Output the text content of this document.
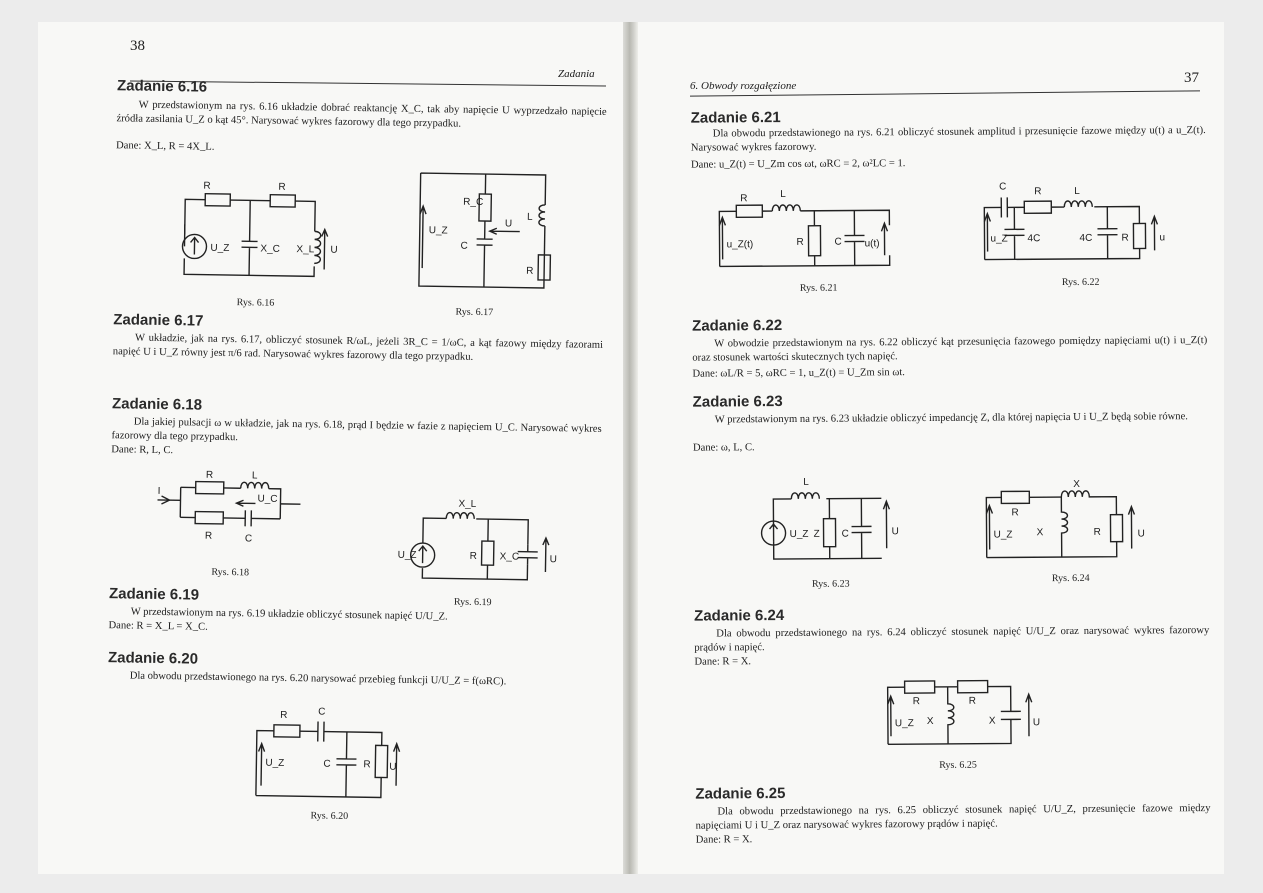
38
Zadania
Zadanie 6.16

W przedstawionym na rys. 6.16 układzie dobrać reaktancję X_C, tak aby napięcie U wyprzedzało napięcie źródła zasilania U_Z o kąt 45°. Narysować wykres fazorowy dla tego przypadku.

Dane: X_L, R = 4X_L.
R	R
U_Z	X_C X_L U
Rys. 6.16
R_C
L
U
U_Z
C
R
Rys. 6.17
Zadanie 6.17

W układzie, jak na rys. 6.17, obliczyć stosunek R/ωL, jeżeli 3R_C = 1/ωC, a kąt fazowy między fazorami napięć U i U_Z równy jest π/6 rad. Narysować wykres fazorowy dla tego przypadku.

Zadanie 6.18

Dla jakiej pulsacji ω w układzie, jak na rys. 6.18, prąd I będzie w fazie z napięciem U_C. Narysować wykres fazorowy dla tego przypadku.

Dane: R, L, C.
R	L
U_C
I
R	C
Rys. 6.18
X_L
U_Z	R X_C	U
Rys. 6.19
Zadanie 6.19

W przedstawionym na rys. 6.19 układzie obliczyć stosunek napięć U/U_Z.

Dane: R = X_L = X_C.
Zadanie 6.20

Dla obwodu przedstawionego na rys. 6.20 narysować przebieg funkcji U/U_Z = f(ωRC).

R	C
U_Z	C	R U
Rys. 6.20
6. Obwody rozgałęzione	37
Zadanie 6.21

Dla obwodu przedstawionego na rys. 6.21 obliczyć stosunek amplitud i przesunięcie fazowe między u(t) a u_Z(t). Narysować wykres fazorowy.

Dane: u_Z(t) = U_Zm cos ωt, ωRC = 2, ω²LC = 1.
R	L
u_Z(t)	R	C u(t)
Rys. 6.21
C	R	L
u_Z 4C	4C	R	u
Rys. 6.22
Zadanie 6.22

W obwodzie przedstawionym na rys. 6.22 obliczyć kąt przesunięcia fazowego pomiędzy napięciami u(t) i u_Z(t) oraz stosunek wartości skutecznych tych napięć.

Dane: ωL/R = 5, ωRC = 1, u_Z(t) = U_Zm sin ωt.
Zadanie 6.23

W przedstawionym na rys. 6.23 układzie obliczyć impedancję Z, dla której napięcia U i U_Z będą sobie równe.

Dane: ω, L, C.
L
U_Z Z C	U
Rys. 6.23
R
X
U_Z X	R	U
Rys. 6.24
Zadanie 6.24

Dla obwodu przedstawionego na rys. 6.24 obliczyć stosunek napięć U/U_Z oraz narysować wykres fazorowy prądów i napięć.

Dane: R = X.
R	R
U_Z X	X	U
Rys. 6.25
Zadanie 6.25

Dla obwodu przedstawionego na rys. 6.25 obliczyć stosunek napięć U/U_Z, przesunięcie fazowe między napięciami U i U_Z oraz narysować wykres fazorowy prądów i napięć.

Dane: R = X.
